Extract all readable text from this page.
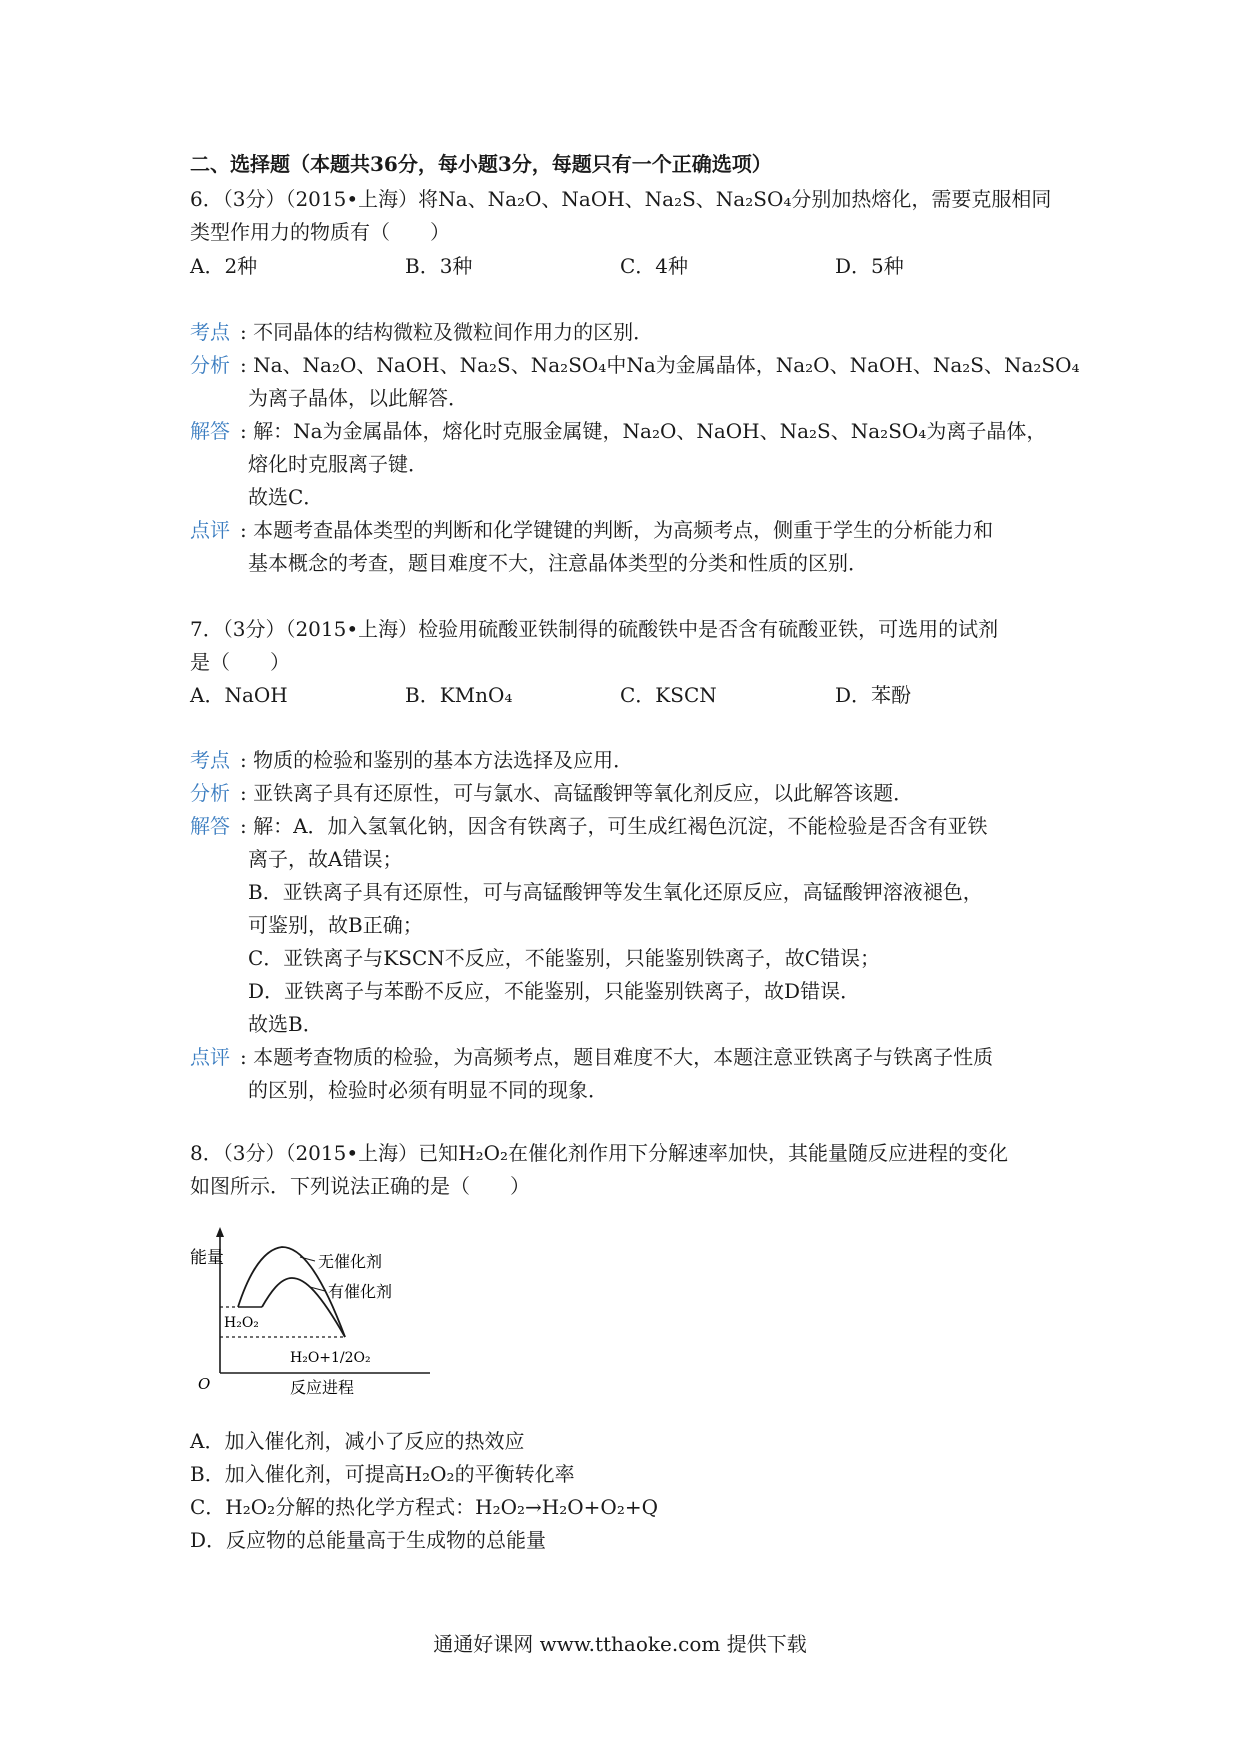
二、选择题（本题共36分，每小题3分，每题只有一个正确选项）
6．（3分）（2015•上海）将Na、Na₂O、NaOH、Na₂S、Na₂SO₄分别加热熔化，需要克服相同
类型作用力的物质有（　　）
A．2种	B．3种	C．4种	D．5种
考点 : 不同晶体的结构微粒及微粒间作用力的区别．
分析 : Na、Na₂O、NaOH、Na₂S、Na₂SO₄中Na为金属晶体，Na₂O、NaOH、Na₂S、Na₂SO₄
为离子晶体，以此解答．
解答 : 解：Na为金属晶体，熔化时克服金属键，Na₂O、NaOH、Na₂S、Na₂SO₄为离子晶体，
熔化时克服离子键．
故选C．
点评 : 本题考查晶体类型的判断和化学键键的判断，为高频考点，侧重于学生的分析能力和
基本概念的考查，题目难度不大，注意晶体类型的分类和性质的区别．
7．（3分）（2015•上海）检验用硫酸亚铁制得的硫酸铁中是否含有硫酸亚铁，可选用的试剂
是（　　）
A．NaOH	B．KMnO₄	C．KSCN	D．苯酚
考点 : 物质的检验和鉴别的基本方法选择及应用．
分析 : 亚铁离子具有还原性，可与氯水、高锰酸钾等氧化剂反应，以此解答该题．
解答 : 解：A．加入氢氧化钠，因含有铁离子，可生成红褐色沉淀，不能检验是否含有亚铁
离子，故A错误；
B．亚铁离子具有还原性，可与高锰酸钾等发生氧化还原反应，高锰酸钾溶液褪色，
可鉴别，故B正确；
C．亚铁离子与KSCN不反应，不能鉴别，只能鉴别铁离子，故C错误；
D．亚铁离子与苯酚不反应，不能鉴别，只能鉴别铁离子，故D错误．
故选B．
点评 : 本题考查物质的检验，为高频考点，题目难度不大，本题注意亚铁离子与铁离子性质
的区别，检验时必须有明显不同的现象．
8．（3分）（2015•上海）已知H₂O₂在催化剂作用下分解速率加快，其能量随反应进程的变化
如图所示．下列说法正确的是（　　）
能量
O
无催化剂
有催化剂
H₂O₂
H₂O+1/2O₂
反应进程
A．加入催化剂，减小了反应的热效应
B．加入催化剂，可提高H₂O₂的平衡转化率
C．H₂O₂分解的热化学方程式：H₂O₂→H₂O+O₂+Q
D．反应物的总能量高于生成物的总能量
通通好课网 www.tthaoke.com 提供下载
